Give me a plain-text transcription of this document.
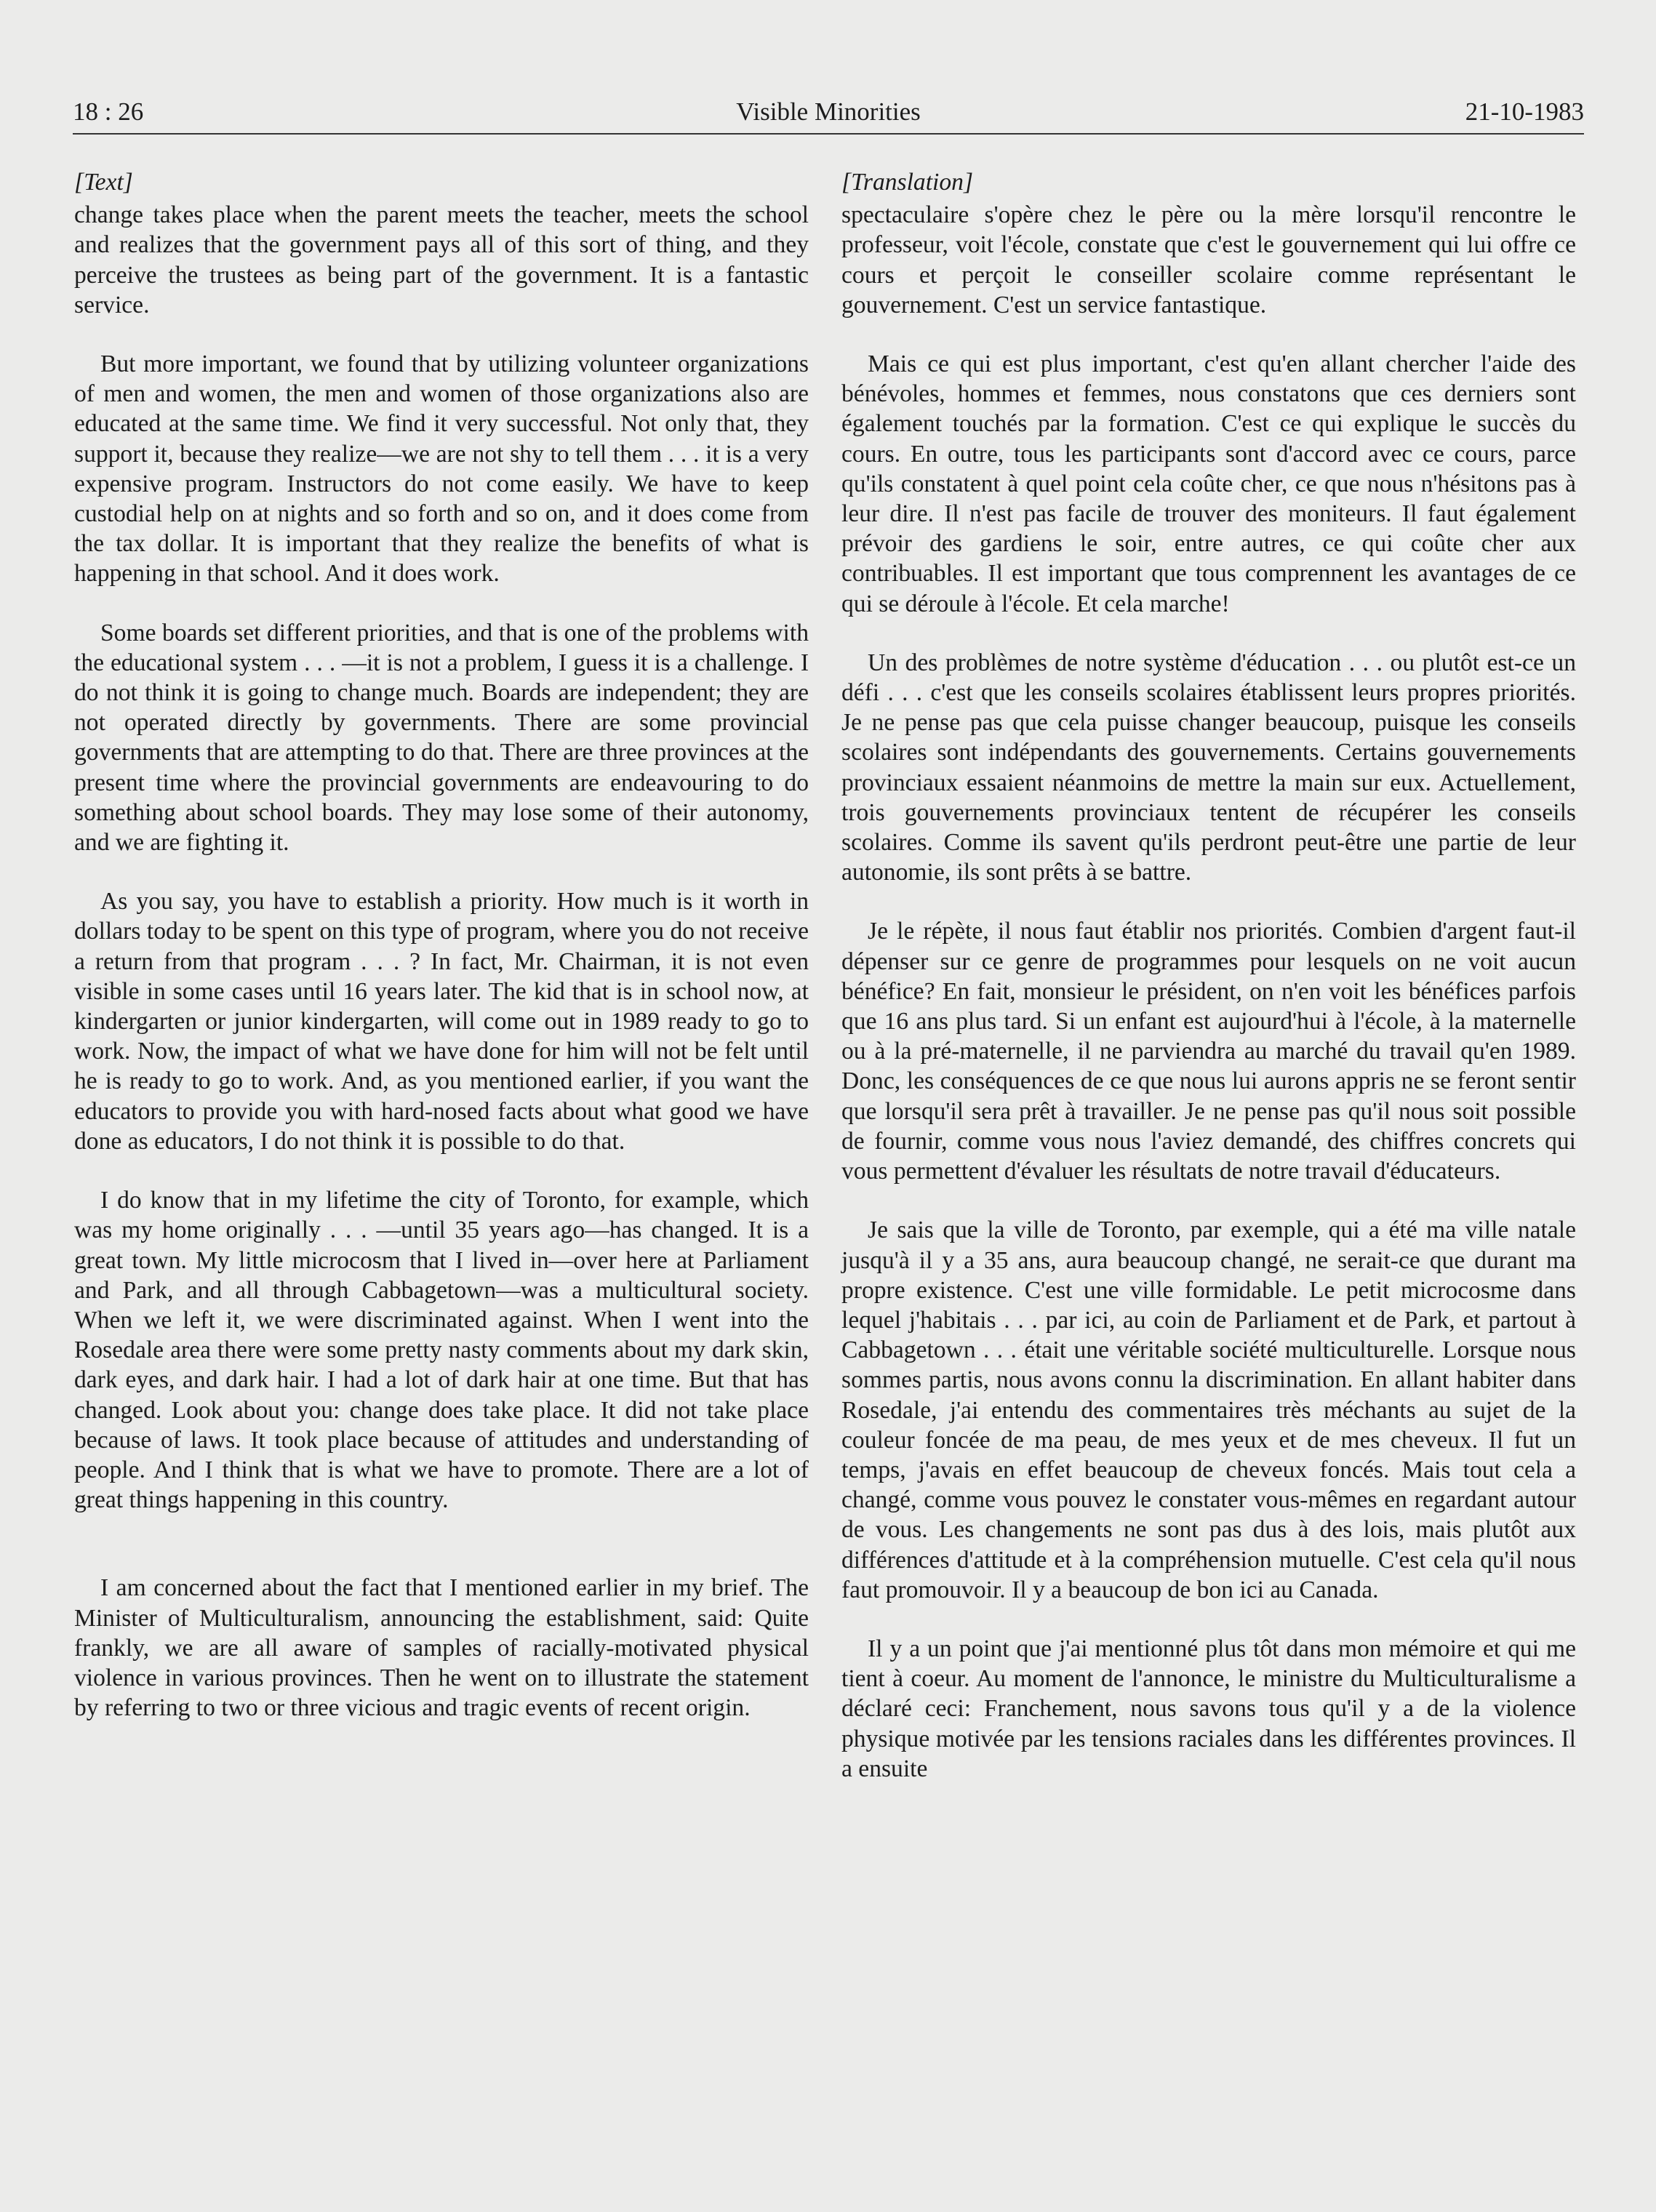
18 : 26	Visible Minorities	21-10-1983

[Text]

change takes place when the parent meets the teacher, meets the school and realizes that the government pays all of this sort of thing, and they perceive the trustees as being part of the government. It is a fantastic service.

But more important, we found that by utilizing volunteer organizations of men and women, the men and women of those organizations also are educated at the same time. We find it very successful. Not only that, they support it, because they realize—we are not shy to tell them . . . it is a very expensive program. Instructors do not come easily. We have to keep custodial help on at nights and so forth and so on, and it does come from the tax dollar. It is important that they realize the benefits of what is happening in that school. And it does work.

Some boards set different priorities, and that is one of the problems with the educational system . . . —it is not a problem, I guess it is a challenge. I do not think it is going to change much. Boards are independent; they are not operated directly by governments. There are some provincial governments that are attempting to do that. There are three provinces at the present time where the provincial governments are endeavouring to do something about school boards. They may lose some of their autonomy, and we are fighting it.

As you say, you have to establish a priority. How much is it worth in dollars today to be spent on this type of program, where you do not receive a return from that program . . . ? In fact, Mr. Chairman, it is not even visible in some cases until 16 years later. The kid that is in school now, at kindergarten or junior kindergarten, will come out in 1989 ready to go to work. Now, the impact of what we have done for him will not be felt until he is ready to go to work. And, as you mentioned earlier, if you want the educators to provide you with hard-nosed facts about what good we have done as educators, I do not think it is possible to do that.

I do know that in my lifetime the city of Toronto, for example, which was my home originally . . . —until 35 years ago—has changed. It is a great town. My little microcosm that I lived in—over here at Parliament and Park, and all through Cabbagetown—was a multicultural society. When we left it, we were discriminated against. When I went into the Rosedale area there were some pretty nasty comments about my dark skin, dark eyes, and dark hair. I had a lot of dark hair at one time. But that has changed. Look about you: change does take place. It did not take place because of laws. It took place because of attitudes and understanding of people. And I think that is what we have to promote. There are a lot of great things happening in this country.

I am concerned about the fact that I mentioned earlier in my brief. The Minister of Multiculturalism, announcing the establishment, said: Quite frankly, we are all aware of samples of racially-motivated physical violence in various provinces. Then he went on to illustrate the statement by referring to two or three vicious and tragic events of recent origin.

[Translation]

spectaculaire s'opère chez le père ou la mère lorsqu'il rencontre le professeur, voit l'école, constate que c'est le gouvernement qui lui offre ce cours et perçoit le conseiller scolaire comme représentant le gouvernement. C'est un service fantastique.

Mais ce qui est plus important, c'est qu'en allant chercher l'aide des bénévoles, hommes et femmes, nous constatons que ces derniers sont également touchés par la formation. C'est ce qui explique le succès du cours. En outre, tous les participants sont d'accord avec ce cours, parce qu'ils constatent à quel point cela coûte cher, ce que nous n'hésitons pas à leur dire. Il n'est pas facile de trouver des moniteurs. Il faut également prévoir des gardiens le soir, entre autres, ce qui coûte cher aux contribuables. Il est important que tous comprennent les avantages de ce qui se déroule à l'école. Et cela marche!

Un des problèmes de notre système d'éducation . . . ou plutôt est-ce un défi . . . c'est que les conseils scolaires établissent leurs propres priorités. Je ne pense pas que cela puisse changer beaucoup, puisque les conseils scolaires sont indépendants des gouvernements. Certains gouvernements provinciaux essaient néanmoins de mettre la main sur eux. Actuellement, trois gouvernements provinciaux tentent de récupérer les conseils scolaires. Comme ils savent qu'ils perdront peut-être une partie de leur autonomie, ils sont prêts à se battre.

Je le répète, il nous faut établir nos priorités. Combien d'argent faut-il dépenser sur ce genre de programmes pour lesquels on ne voit aucun bénéfice? En fait, monsieur le président, on n'en voit les bénéfices parfois que 16 ans plus tard. Si un enfant est aujourd'hui à l'école, à la maternelle ou à la pré-maternelle, il ne parviendra au marché du travail qu'en 1989. Donc, les conséquences de ce que nous lui aurons appris ne se feront sentir que lorsqu'il sera prêt à travailler. Je ne pense pas qu'il nous soit possible de fournir, comme vous nous l'aviez demandé, des chiffres concrets qui vous permettent d'évaluer les résultats de notre travail d'éducateurs.

Je sais que la ville de Toronto, par exemple, qui a été ma ville natale jusqu'à il y a 35 ans, aura beaucoup changé, ne serait-ce que durant ma propre existence. C'est une ville formidable. Le petit microcosme dans lequel j'habitais . . . par ici, au coin de Parliament et de Park, et partout à Cabbagetown . . . était une véritable société multiculturelle. Lorsque nous sommes partis, nous avons connu la discrimination. En allant habiter dans Rosedale, j'ai entendu des commentaires très méchants au sujet de la couleur foncée de ma peau, de mes yeux et de mes cheveux. Il fut un temps, j'avais en effet beaucoup de cheveux foncés. Mais tout cela a changé, comme vous pouvez le constater vous-mêmes en regardant autour de vous. Les changements ne sont pas dus à des lois, mais plutôt aux différences d'attitude et à la compréhension mutuelle. C'est cela qu'il nous faut promouvoir. Il y a beaucoup de bon ici au Canada.

Il y a un point que j'ai mentionné plus tôt dans mon mémoire et qui me tient à coeur. Au moment de l'annonce, le ministre du Multiculturalisme a déclaré ceci: Franchement, nous savons tous qu'il y a de la violence physique motivée par les tensions raciales dans les différentes provinces. Il a ensuite
